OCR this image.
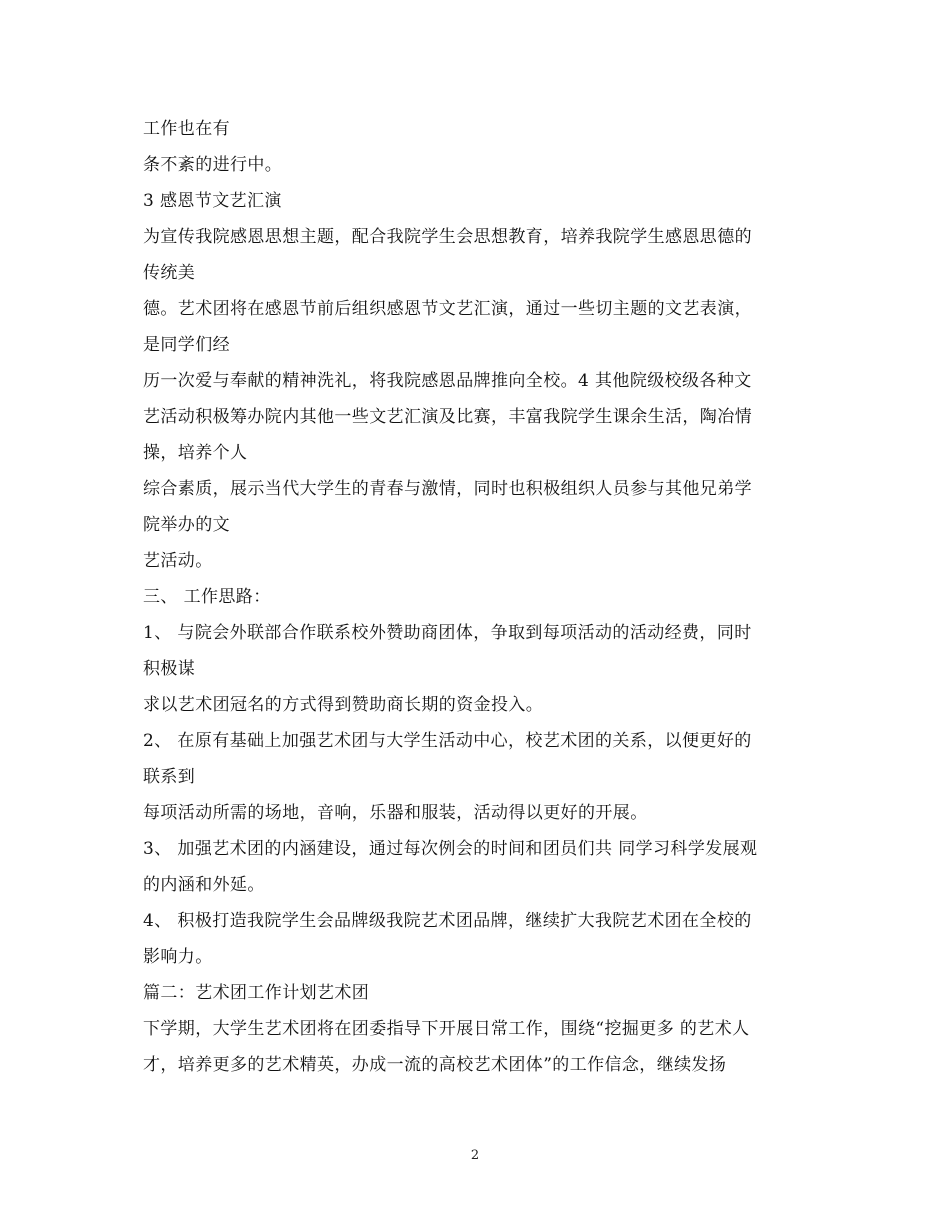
工作也在有
条不紊的进行中。
3 感恩节文艺汇演
为宣传我院感恩思想主题，配合我院学生会思想教育，培养我院学生感恩思德的
传统美
德。艺术团将在感恩节前后组织感恩节文艺汇演，通过一些切主题的文艺表演，
是同学们经
历一次爱与奉献的精神洗礼，将我院感恩品牌推向全校。4 其他院级校级各种文
艺活动积极筹办院内其他一些文艺汇演及比赛，丰富我院学生课余生活，陶冶情
操，培养个人
综合素质，展示当代大学生的青春与激情，同时也积极组织人员参与其他兄弟学
院举办的文
艺活动。
三、 工作思路：
1、 与院会外联部合作联系校外赞助商团体，争取到每项活动的活动经费，同时
积极谋
求以艺术团冠名的方式得到赞助商长期的资金投入。
2、 在原有基础上加强艺术团与大学生活动中心，校艺术团的关系，以便更好的
联系到
每项活动所需的场地，音响，乐器和服装，活动得以更好的开展。
3、 加强艺术团的内涵建设，通过每次例会的时间和团员们共 同学习科学发展观
的内涵和外延。
4、 积极打造我院学生会品牌级我院艺术团品牌，继续扩大我院艺术团在全校的
影响力。
篇二：艺术团工作计划艺术团
下学期，大学生艺术团将在团委指导下开展日常工作，围绕“挖掘更多 的艺术人
才，培养更多的艺术精英，办成一流的高校艺术团体”的工作信念，继续发扬
2
